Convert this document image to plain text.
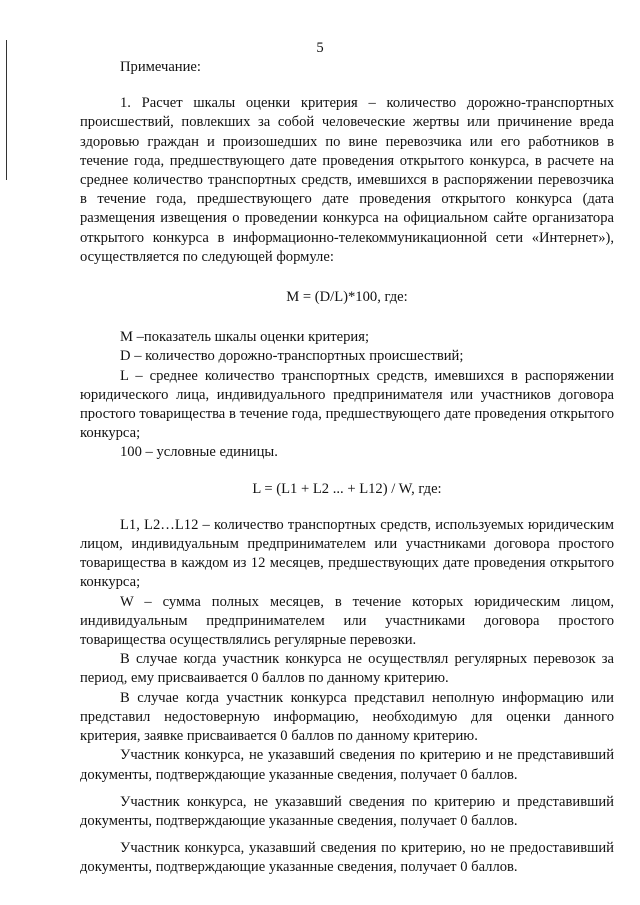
5

Примечание:

1. Расчет шкалы оценки критерия – количество дорожно-транспортных происшествий, повлекших за собой человеческие жертвы или причинение вреда здоровью граждан и произошедших по вине перевозчика или его работников в течение года, предшествующего дате проведения открытого конкурса, в расчете на среднее количество транспортных средств, имевшихся в распоряжении перевозчика в течение года, предшествующего дате проведения открытого конкурса (дата размещения извещения о проведении конкурса на официальном сайте организатора открытого конкурса в информационно-телекоммуникационной сети «Интернет»), осуществляется по следующей формуле:

M = (D/L)*100, где:

M –показатель шкалы оценки критерия;

D – количество дорожно-транспортных происшествий;

L – среднее количество транспортных средств, имевшихся в распоряжении юридического лица, индивидуального предпринимателя или участников договора простого товарищества в течение года, предшествующего дате проведения открытого конкурса;

100 – условные единицы.

L = (L1 + L2 ... + L12) / W, где:

L1, L2…L12 – количество транспортных средств, используемых юридическим лицом, индивидуальным предпринимателем или участниками договора простого товарищества в каждом из 12 месяцев, предшествующих дате проведения открытого конкурса;

W – сумма полных месяцев, в течение которых юридическим лицом, индивидуальным предпринимателем или участниками договора простого товарищества осуществлялись регулярные перевозки.

В случае когда участник конкурса не осуществлял регулярных перевозок за период, ему присваивается 0 баллов по данному критерию.

В случае когда участник конкурса представил неполную информацию или представил недостоверную информацию, необходимую для оценки данного критерия, заявке присваивается 0 баллов по данному критерию.

Участник конкурса, не указавший сведения по критерию и не представивший документы, подтверждающие указанные сведения, получает 0 баллов.

Участник конкурса, не указавший сведения по критерию и представивший документы, подтверждающие указанные сведения, получает 0 баллов.

Участник конкурса, указавший сведения по критерию, но не предоставивший документы, подтверждающие указанные сведения, получает 0 баллов.
